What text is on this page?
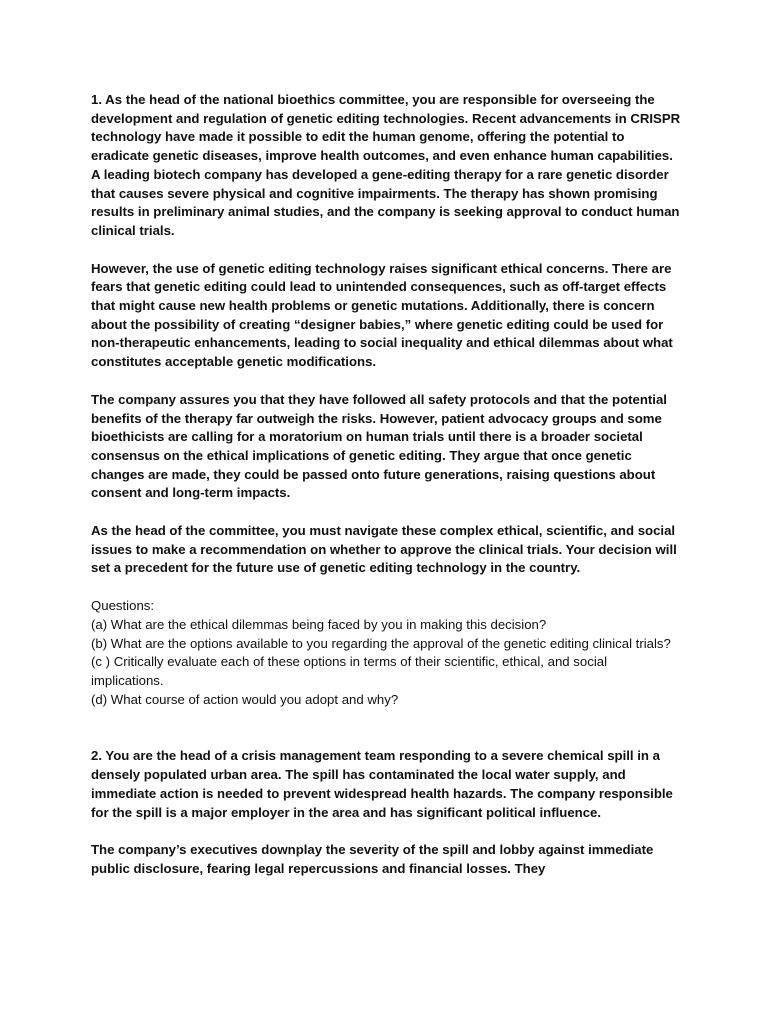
1. As the head of the national bioethics committee, you are responsible for overseeing the development and regulation of genetic editing technologies. Recent advancements in CRISPR technology have made it possible to edit the human genome, offering the potential to eradicate genetic diseases, improve health outcomes, and even enhance human capabilities. A leading biotech company has developed a gene-editing therapy for a rare genetic disorder that causes severe physical and cognitive impairments. The therapy has shown promising results in preliminary animal studies, and the company is seeking approval to conduct human clinical trials.

However, the use of genetic editing technology raises significant ethical concerns. There are fears that genetic editing could lead to unintended consequences, such as off-target effects that might cause new health problems or genetic mutations. Additionally, there is concern about the possibility of creating “designer babies,” where genetic editing could be used for non-therapeutic enhancements, leading to social inequality and ethical dilemmas about what constitutes acceptable genetic modifications.

The company assures you that they have followed all safety protocols and that the potential benefits of the therapy far outweigh the risks. However, patient advocacy groups and some bioethicists are calling for a moratorium on human trials until there is a broader societal consensus on the ethical implications of genetic editing. They argue that once genetic changes are made, they could be passed onto future generations, raising questions about consent and long-term impacts.

As the head of the committee, you must navigate these complex ethical, scientific, and social issues to make a recommendation on whether to approve the clinical trials. Your decision will set a precedent for the future use of genetic editing technology in the country.

Questions:

(a) What are the ethical dilemmas being faced by you in making this decision?
(b) What are the options available to you regarding the approval of the genetic editing clinical trials?
(c ) Critically evaluate each of these options in terms of their scientific, ethical, and social implications.
(d) What course of action would you adopt and why?

2. You are the head of a crisis management team responding to a severe chemical spill in a densely populated urban area. The spill has contaminated the local water supply, and immediate action is needed to prevent widespread health hazards. The company responsible for the spill is a major employer in the area and has significant political influence.

The company’s executives downplay the severity of the spill and lobby against immediate public disclosure, fearing legal repercussions and financial losses. They
